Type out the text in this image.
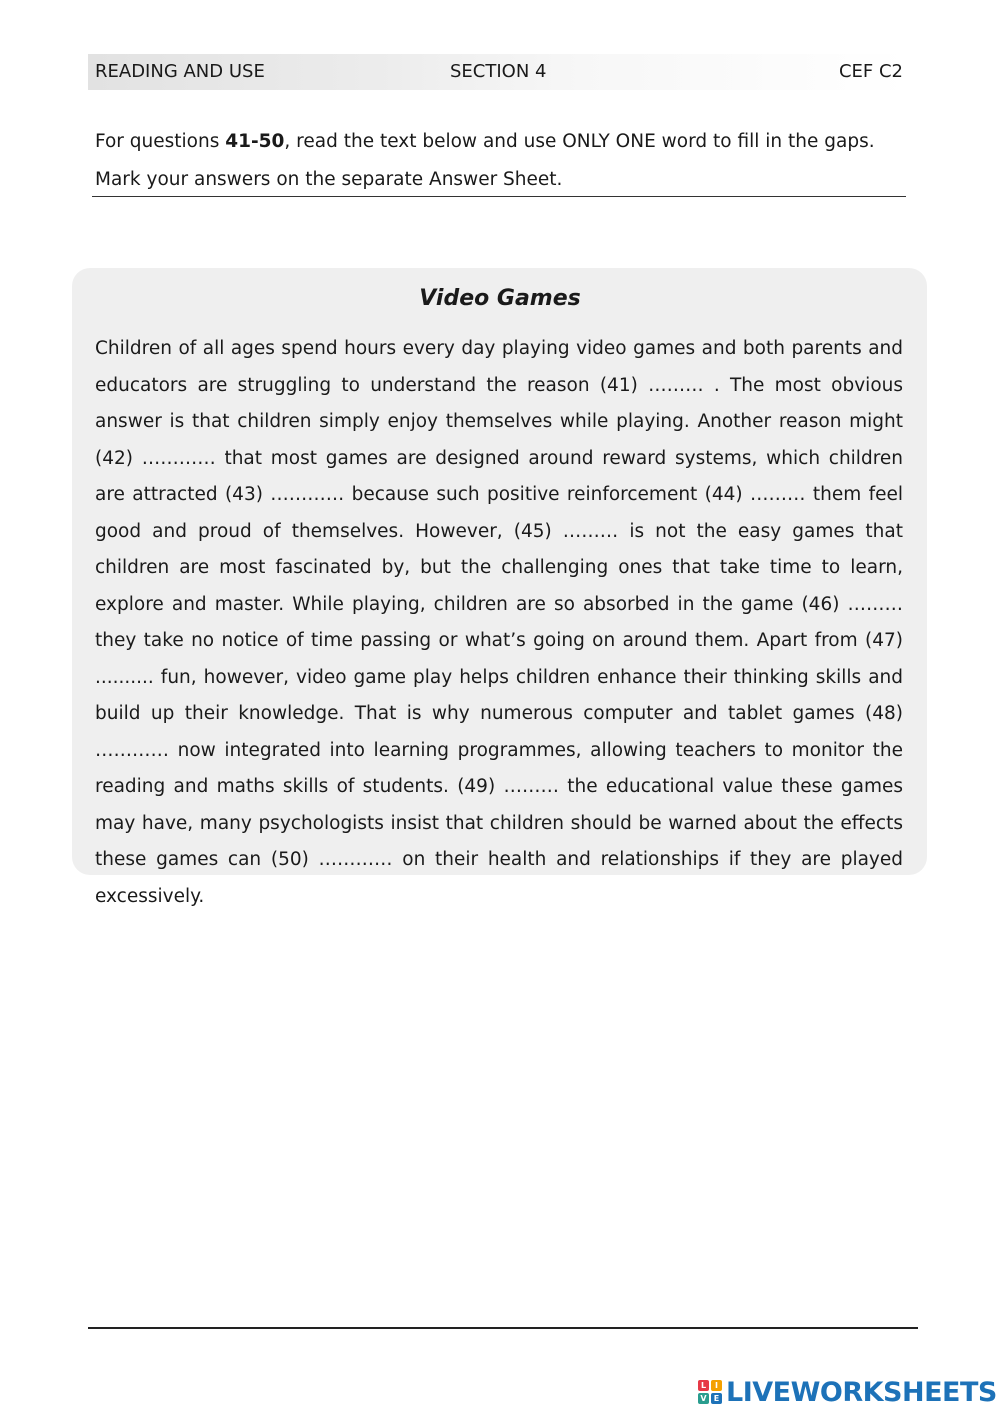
READING AND USE	SECTION 4	CEF C2
For questions 41-50, read the text below and use ONLY ONE word to fill in the gaps.
Mark your answers on the separate Answer Sheet.
Video Games

Children of all ages spend hours every day playing video games and both parents and educators are struggling to understand the reason (41) ……… . The most obvious answer is that children simply enjoy themselves while playing. Another reason might (42) ………… that most games are designed around reward systems, which children are attracted (43) ………… because such positive reinforcement (44) ……… them feel good and proud of themselves. However, (45) ……… is not the easy games that children are most fascinated by, but the challenging ones that take time to learn, explore and master. While playing, children are so absorbed in the game (46) ……… they take no notice of time passing or what’s going on around them. Apart from (47) .......... fun, however, video game play helps children enhance their thinking skills and build up their knowledge. That is why numerous computer and tablet games (48) ………… now integrated into learning programmes, allowing teachers to monitor the reading and maths skills of students. (49) ……… the educational value these games may have, many psychologists insist that children should be warned about the effects these games can (50) ………… on their health and relationships if they are played excessively.

L	I
V E LIVEWORKSHEETS
